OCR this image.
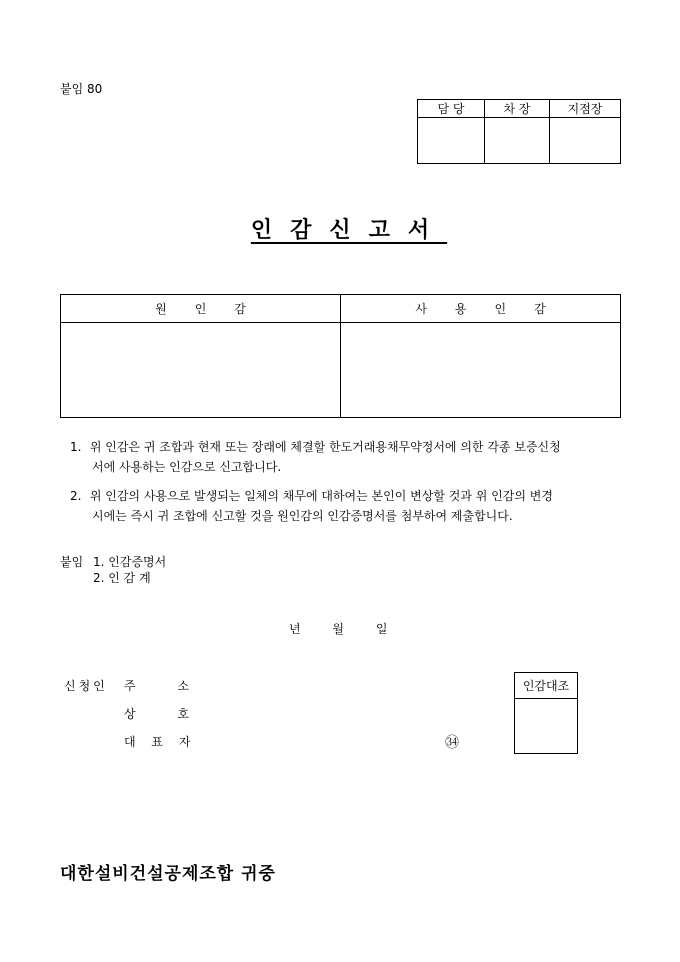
붙임 80
담 당	차 장	지점장

인감신고서
원인감	사용인감

1. 위 인감은 귀 조합과 현재 또는 장래에 체결할 한도거래용채무약정서에 의한 각종 보증신청
서에 사용하는 인감으로 신고합니다.
2. 위 인감의 사용으로 발생되는 일체의 채무에 대하여는 본인이 변상할 것과 위 인감의 변경
시에는 즉시 귀 조합에 신고할 것을 원인감의 인감증명서를 첨부하여 제출합니다.
붙임 1. 인감증명서
2. 인 감 계
년 월 일
신청인 주 소
상 호
대 표 자	㉞
인감대조

대한설비건설공제조합 귀중
